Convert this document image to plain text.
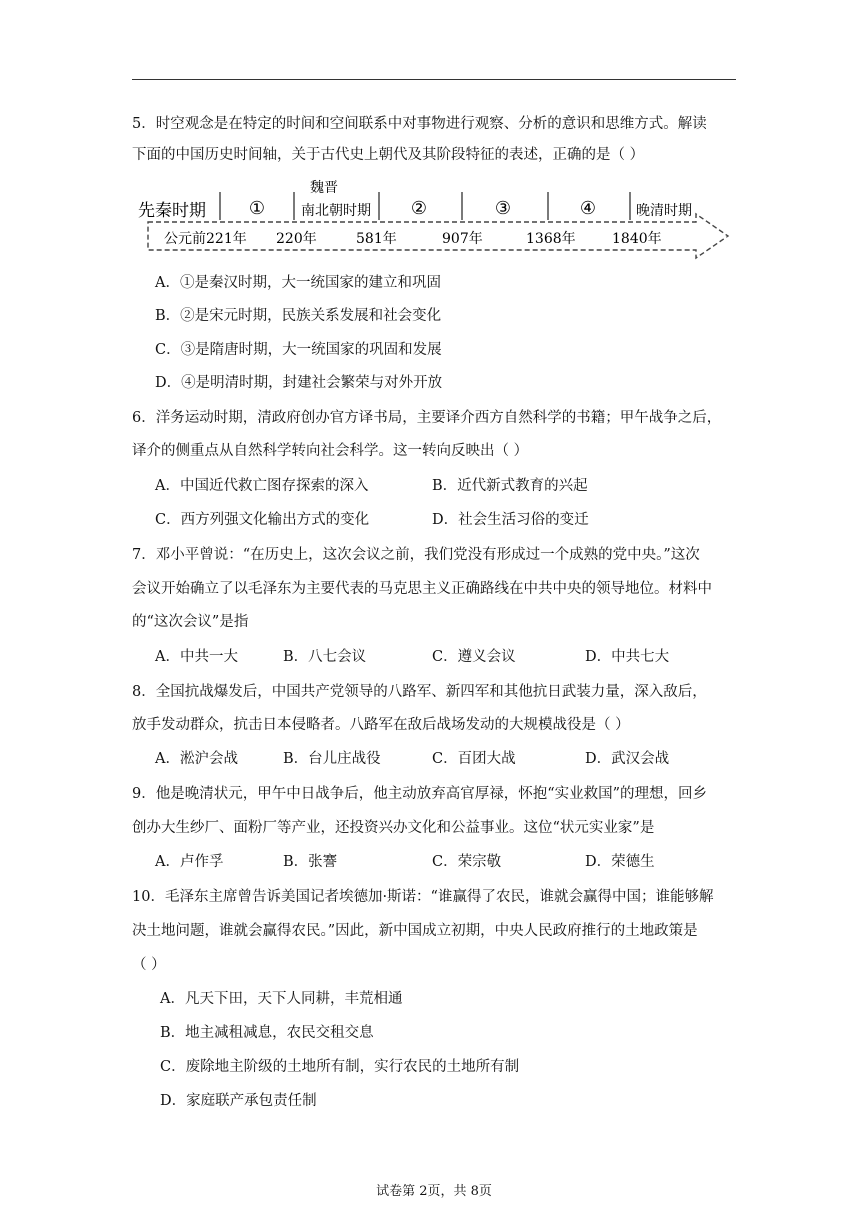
5．时空观念是在特定的时间和空间联系中对事物进行观察、分析的意识和思维方式。解读
下面的中国历史时间轴，关于古代史上朝代及其阶段特征的表述，正确的是（ ）
先秦时期 ①
魏晋
南北朝时期 ②	③	④	晚清时期
公元前221年 220年	581年	907年	1368年	1840年
A．①是秦汉时期，大一统国家的建立和巩固
B．②是宋元时期，民族关系发展和社会变化
C．③是隋唐时期，大一统国家的巩固和发展
D．④是明清时期，封建社会繁荣与对外开放
6．洋务运动时期，清政府创办官方译书局，主要译介西方自然科学的书籍；甲午战争之后，
译介的侧重点从自然科学转向社会科学。这一转向反映出（ ）
A．中国近代救亡图存探索的深入	B．近代新式教育的兴起
C．西方列强文化输出方式的变化	D．社会生活习俗的变迁
7．邓小平曾说：“在历史上，这次会议之前，我们党没有形成过一个成熟的党中央。”这次
会议开始确立了以毛泽东为主要代表的马克思主义正确路线在中共中央的领导地位。材料中
的“这次会议”是指
A．中共一大	B．八七会议	C．遵义会议	D．中共七大
8．全国抗战爆发后，中国共产党领导的八路军、新四军和其他抗日武装力量，深入敌后，
放手发动群众，抗击日本侵略者。八路军在敌后战场发动的大规模战役是（ ）
A．淞沪会战	B．台儿庄战役	C．百团大战	D．武汉会战
9．他是晚清状元，甲午中日战争后，他主动放弃高官厚禄，怀抱“实业救国”的理想，回乡
创办大生纱厂、面粉厂等产业，还投资兴办文化和公益事业。这位“状元实业家”是
A．卢作孚	B．张謇	C．荣宗敬	D．荣德生
10．毛泽东主席曾告诉美国记者埃德加·斯诺：“谁赢得了农民，谁就会赢得中国；谁能够解
决土地问题，谁就会赢得农民。”因此，新中国成立初期，中央人民政府推行的土地政策是
（ ）
A．凡天下田，天下人同耕，丰荒相通
B．地主减租减息，农民交租交息
C．废除地主阶级的土地所有制，实行农民的土地所有制
D．家庭联产承包责任制
试卷第 2页，共 8页
